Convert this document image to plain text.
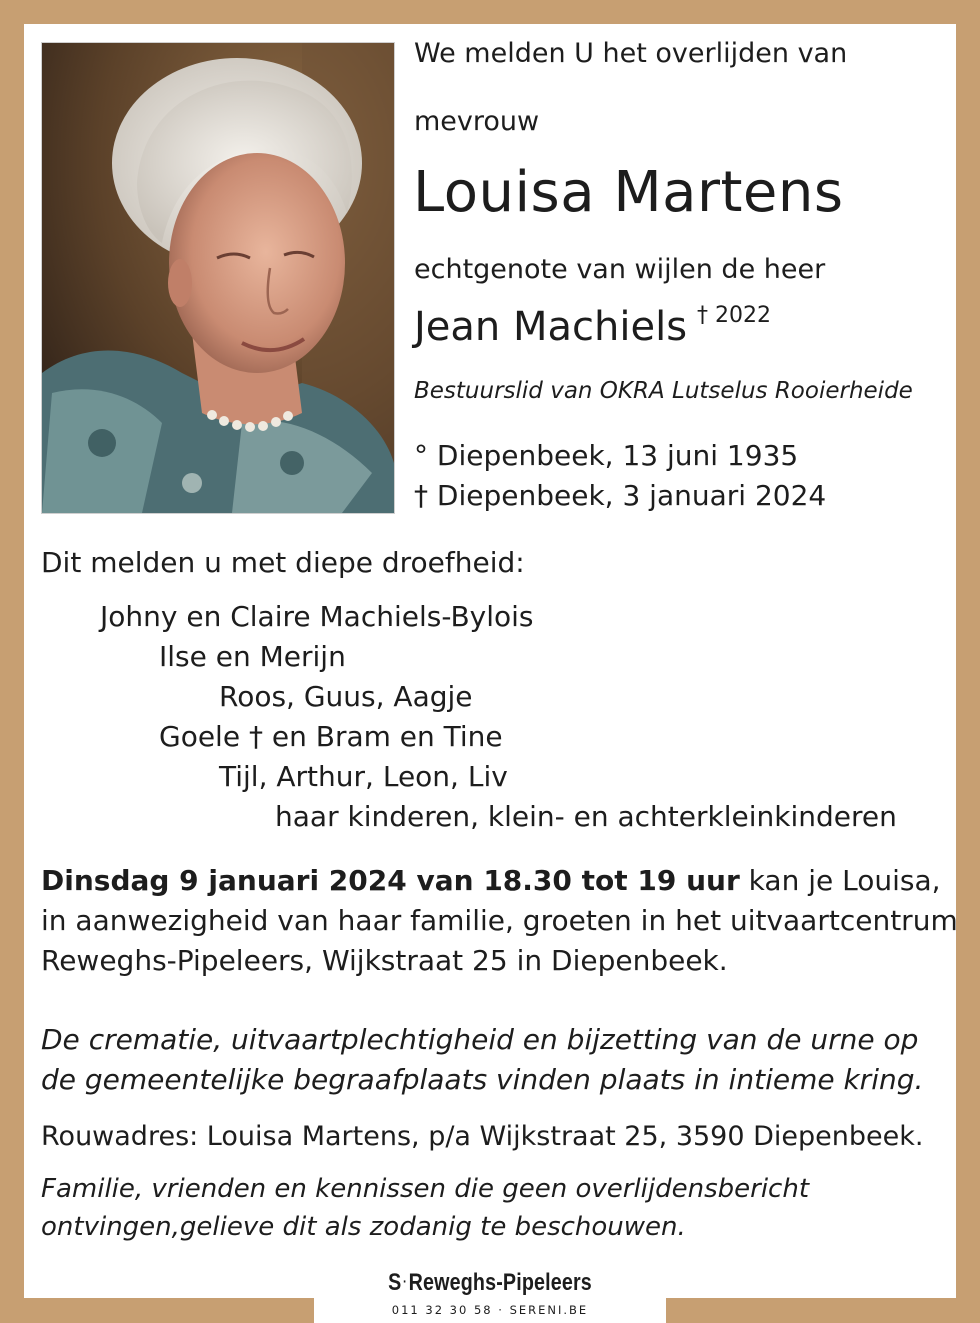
We melden U het overlijden van

mevrouw

Louisa Martens

echtgenote van wijlen de heer

Jean Machiels $^{\dagger 2022}$

Bestuurslid van OKRA Lutselus Rooierheide

° Diepenbeek, 13 juni 1935

† Diepenbeek, 3 januari 2024

Dit melden u met diepe droefheid:

Johny en Claire Machiels-Bylois

Ilse en Merijn

Roos, Guus, Aagje

Goele † en Bram en Tine

Tijl, Arthur, Leon, Liv

haar kinderen, klein- en achterkleinkinderen

Dinsdag 9 januari 2024 van 18.30 tot 19 uur kan je Louisa,
in aanwezigheid van haar familie, groeten in het uitvaartcentrum
Reweghs-Pipeleers, Wijkstraat 25 in Diepenbeek.
De crematie, uitvaartplechtigheid en bijzetting van de urne op
de gemeentelijke begraafplaats vinden plaats in intieme kring.

Rouwadres: Louisa Martens, p/a Wijkstraat 25, 3590 Diepenbeek.

Familie, vrienden en kennissen die geen overlijdensbericht
ontvingen,gelieve dit als zodanig te beschouwen.
S ·Reweghs-Pipeleers
011 32 30 58 · SERENI.BE
